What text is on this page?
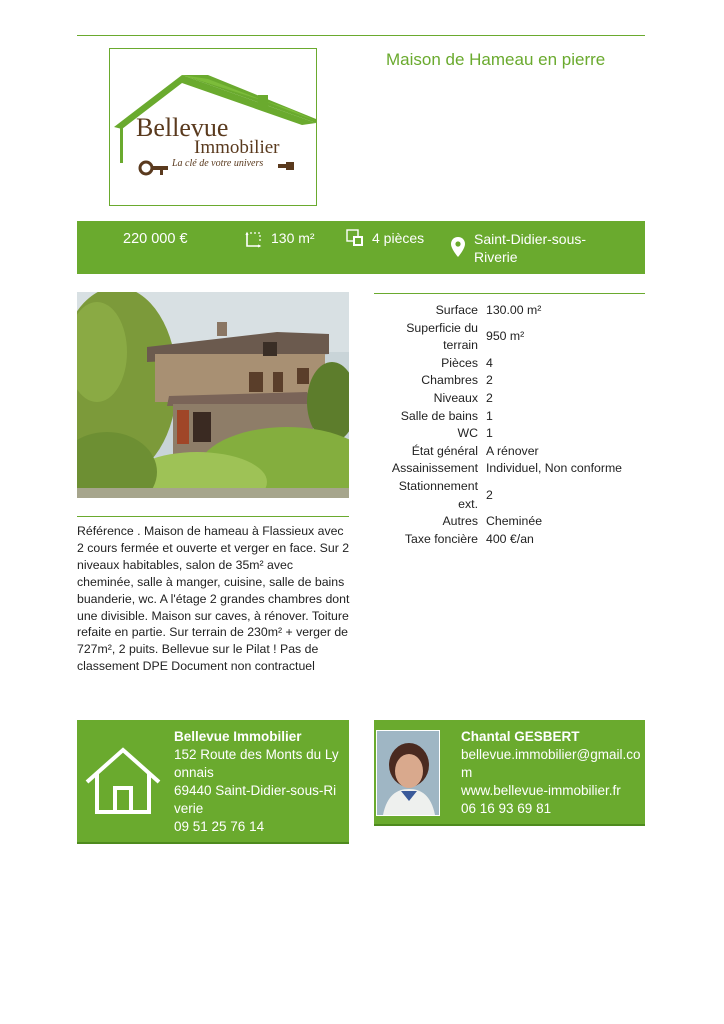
Bellevue
Immobilier
La clé de votre univers
Maison de Hameau en pierre
220 000 €	130 m²	4 pièces	Saint-Didier-sous-Riverie
Référence . Maison de hameau à Flassieux avec 2 cours fermée et ouverte et verger en face. Sur 2 niveaux habitables, salon de 35m² avec cheminée, salle à manger, cuisine, salle de bains buanderie, wc. A l'étage 2 grandes chambres dont une divisible. Maison sur caves, à rénover. Toiture refaite en partie. Sur terrain de 230m² + verger de 727m², 2 puits. Bellevue sur le Pilat ! Pas de classement DPE Document non contractuel
Surface	130.00 m²
Superficie du terrain	950 m²
Pièces	4
Chambres	2
Niveaux	2
Salle de bains	1
WC	1
État général	A rénover
Assainissement	Individuel, Non conforme
Stationnement ext.	2
Autres	Cheminée
Taxe foncière	400 €/an
Bellevue Immobilier
152 Route des Monts du Lyonnais
69440 Saint-Didier-sous-Riverie
09 51 25 76 14
Chantal GESBERT
bellevue.immobilier@gmail.com
www.bellevue-immobilier.fr
06 16 93 69 81
